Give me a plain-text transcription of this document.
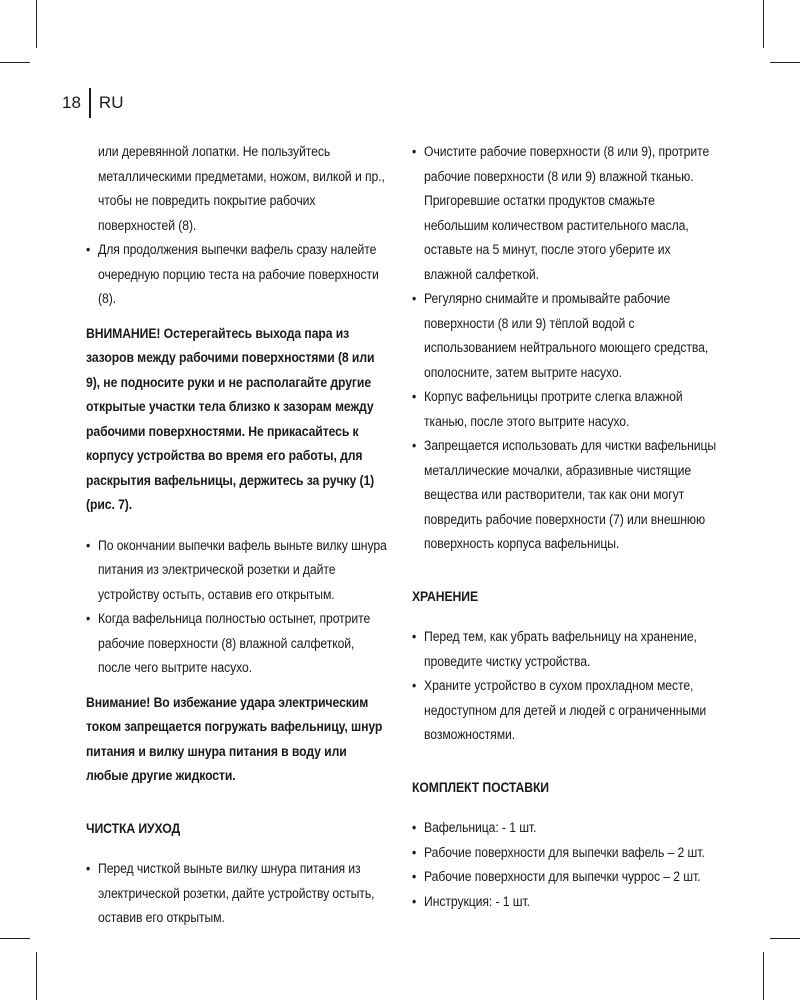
18	RU

или деревянной лопатки. Не пользуйтесь металлическими предметами, ножом, вилкой и пр., чтобы не повредить покрытие рабочих поверхностей (8).

• Для продолжения выпечки вафель сразу налейте очередную порцию теста на рабочие поверхности (8).

ВНИМАНИЕ! Остерегайтесь выхода пара из зазоров между рабочими поверхностями (8 или 9), не подносите руки и не располагайте другие открытые участки тела близко к зазорам между рабочими поверхностями. Не прикасайтесь к корпусу устройства во время его работы, для раскрытия вафельницы, держитесь за ручку (1) (рис. 7).

• По окончании выпечки вафель выньте вилку шнура питания из электрической розетки и дайте устройству остыть, оставив его открытым.
• Когда вафельница полностью остынет, протрите рабочие поверхности (8) влажной салфеткой, после чего вытрите насухо.

Внимание! Во избежание удара электрическим током запрещается погружать вафельницу, шнур питания и вилку шнура питания в воду или любые другие жидкости.

ЧИСТКА ИУХОД

• Перед чисткой выньте вилку шнура питания из электрической розетки, дайте устройству остыть, оставив его открытым.
• Очистите рабочие поверхности (8 или 9), протрите рабочие поверхности (8 или 9) влажной тканью. Пригоревшие остатки продуктов смажьте небольшим количеством растительного масла, оставьте на 5 минут, после этого уберите их влажной салфеткой.
• Регулярно снимайте и промывайте рабочие поверхности (8 или 9) тёплой водой с использованием нейтрального моющего средства, ополосните, затем вытрите насухо.
• Корпус вафельницы протрите слегка влажной тканью, после этого вытрите насухо.
• Запрещается использовать для чистки вафельницы металлические мочалки, абразивные чистящие вещества или растворители, так как они могут повредить рабочие поверхности (7) или внешнюю поверхность корпуса вафельницы.

ХРАНЕНИЕ

• Перед тем, как убрать вафельницу на хранение, проведите чистку устройства.
• Храните устройство в сухом прохладном месте, недоступном для детей и людей с ограниченными возможностями.

КОМПЛЕКТ ПОСТАВКИ

• Вафельница: - 1 шт.
• Рабочие поверхности для выпечки вафель – 2 шт.
• Рабочие поверхности для выпечки чуррос – 2 шт.
• Инструкция: - 1 шт.
